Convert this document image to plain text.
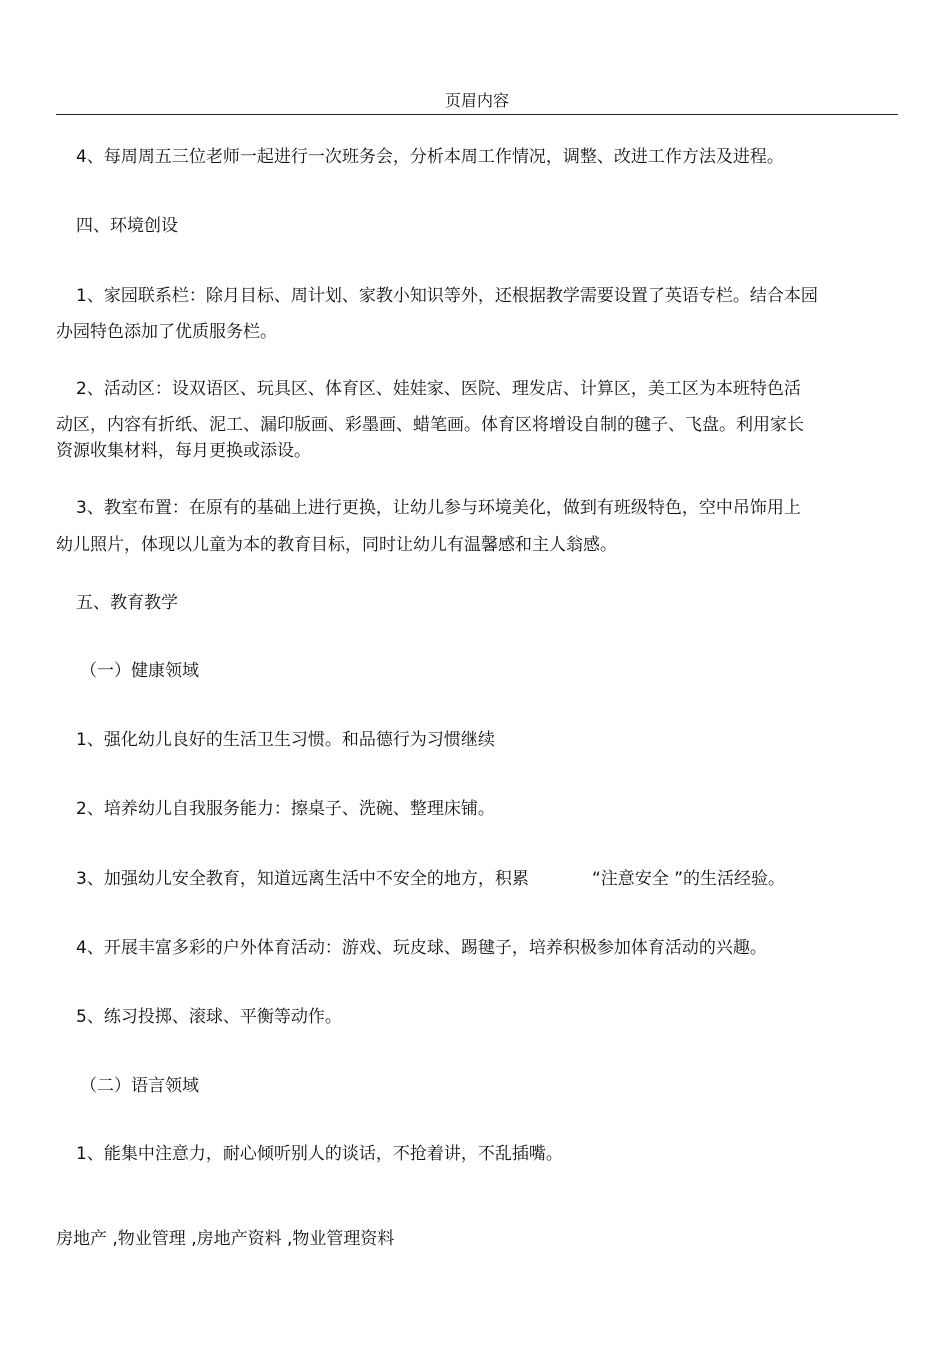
页眉内容

4、每周周五三位老师一起进行一次班务会，分析本周工作情况，调整、改进工作方法及进程。

四、环境创设

1、家园联系栏：除月目标、周计划、家教小知识等外，还根据教学需要设置了英语专栏。结合本园

办园特色添加了优质服务栏。

2、活动区：设双语区、玩具区、体育区、娃娃家、医院、理发店、计算区，美工区为本班特色活

动区，内容有折纸、泥工、漏印版画、彩墨画、蜡笔画。体育区将增设自制的毽子、飞盘。利用家长

资源收集材料，每月更换或添设。

3、教室布置：在原有的基础上进行更换，让幼儿参与环境美化，做到有班级特色，空中吊饰用上

幼儿照片，体现以儿童为本的教育目标，同时让幼儿有温馨感和主人翁感。

五、教育教学

（一）健康领域

1、强化幼儿良好的生活卫生习惯。和品德行为习惯继续

2、培养幼儿自我服务能力：擦桌子、洗碗、整理床铺。

3、加强幼儿安全教育，知道远离生活中不安全的地方，积累	“注意安全 ”的生活经验。

4、开展丰富多彩的户外体育活动：游戏、玩皮球、踢毽子，培养积极参加体育活动的兴趣。

5、练习投掷、滚球、平衡等动作。

（二）语言领域

1、能集中注意力，耐心倾听别人的谈话，不抢着讲，不乱插嘴。

房地产 ,物业管理 ,房地产资料 ,物业管理资料
